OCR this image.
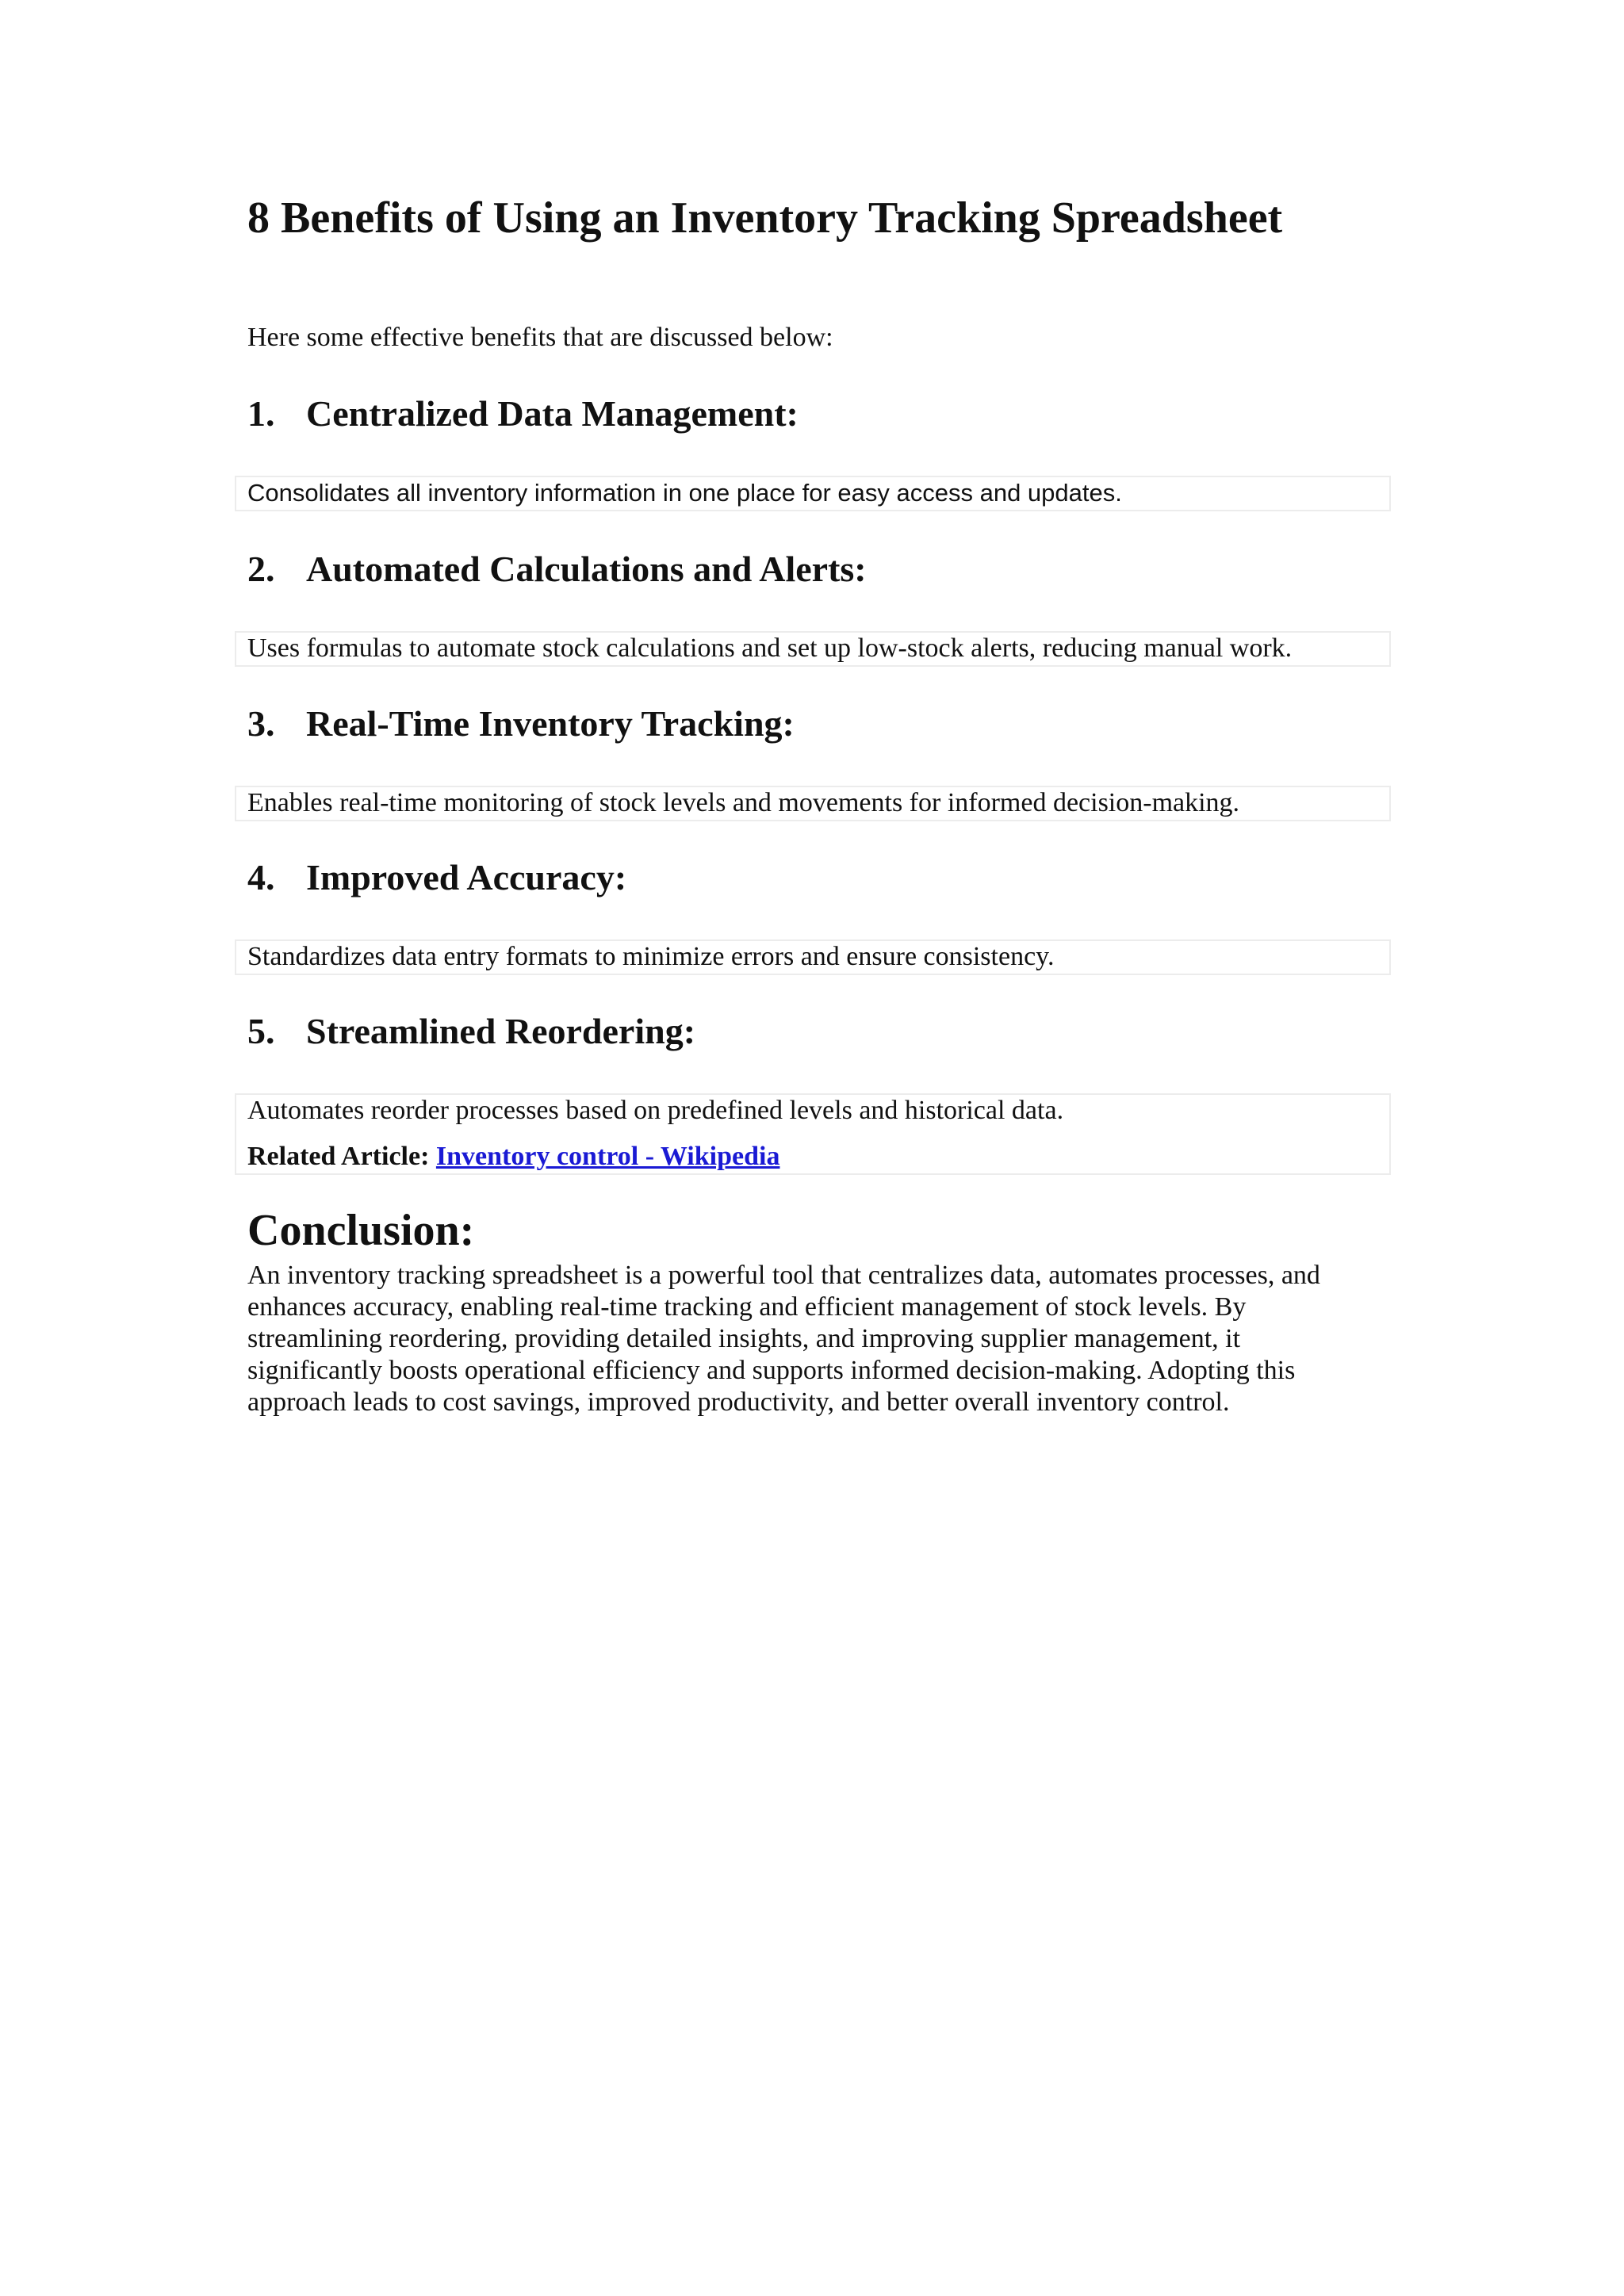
8 Benefits of Using an Inventory Tracking Spreadsheet

Here some effective benefits that are discussed below:

1. Centralized Data Management:

Consolidates all inventory information in one place for easy access and updates.

2. Automated Calculations and Alerts:

Uses formulas to automate stock calculations and set up low-stock alerts, reducing manual work.

3. Real-Time Inventory Tracking:

Enables real-time monitoring of stock levels and movements for informed decision-making.

4. Improved Accuracy:

Standardizes data entry formats to minimize errors and ensure consistency.

5. Streamlined Reordering:

Automates reorder processes based on predefined levels and historical data.

Related Article: Inventory control - Wikipedia

Conclusion:

An inventory tracking spreadsheet is a powerful tool that centralizes data, automates processes, and enhances accuracy, enabling real-time tracking and efficient management of stock levels. By streamlining reordering, providing detailed insights, and improving supplier management, it significantly boosts operational efficiency and supports informed decision-making. Adopting this approach leads to cost savings, improved productivity, and better overall inventory control.
